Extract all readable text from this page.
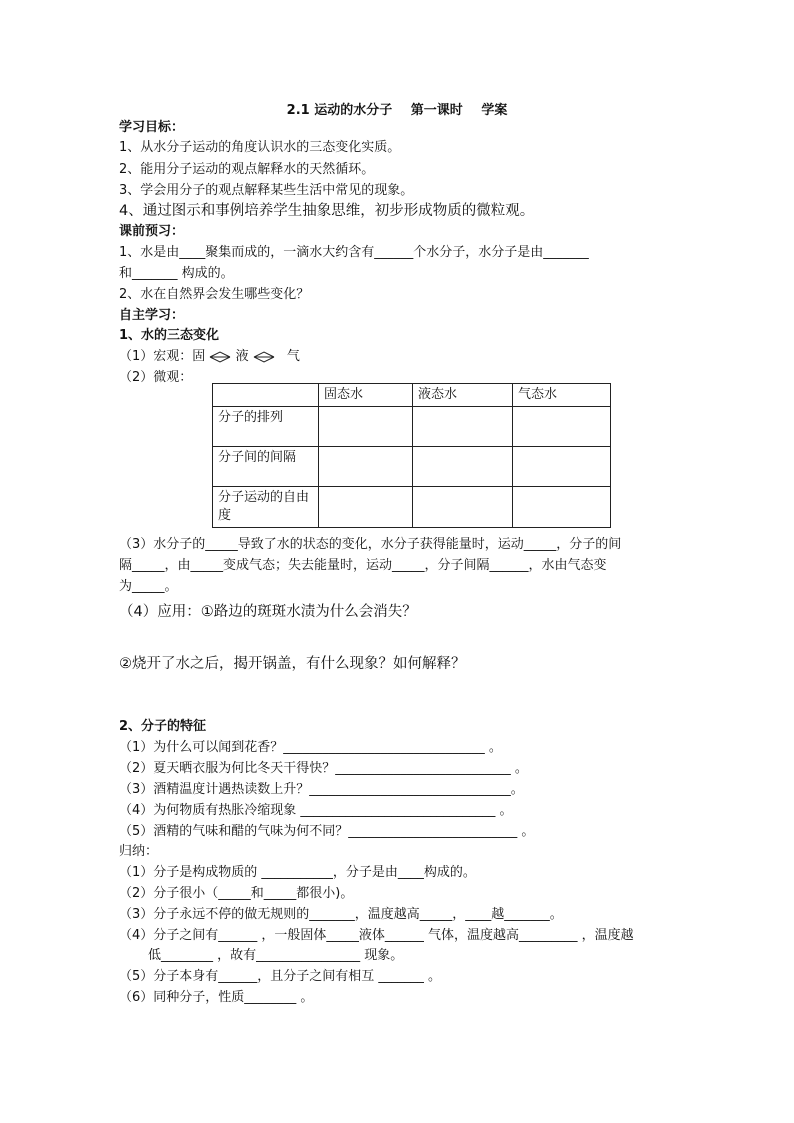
2.1 运动的水分子 第一课时 学案
学习目标：
1、从水分子运动的角度认识水的三态变化实质。
2、能用分子运动的观点解释水的天然循环。
3、学会用分子的观点解释某些生活中常见的现象。
4、通过图示和事例培养学生抽象思维，初步形成物质的微粒观。
课前预习：
1、水是由____聚集而成的，一滴水大约含有______个水分子，水分子是由_______
和_______ 构成的。
2、水在自然界会发生哪些变化？
自主学习：
1、水的三态变化
（1）宏观：固 液	气
（2）微观：
	固态水	液态水	气态水
分子的排列			
分子间的间隔			
分子运动的自由度			
（3）水分子的_____导致了水的状态的变化，水分子获得能量时，运动_____，分子的间
隔_____，由_____变成气态；失去能量时，运动_____，分子间隔______，水由气态变
为_____。
（4）应用：①路边的斑斑水渍为什么会消失？
②烧开了水之后，揭开锅盖，有什么现象？如何解释？
2、分子的特征
（1）为什么可以闻到花香？_______________________________ 。
（2）夏天晒衣服为何比冬天干得快？___________________________ 。
（3）酒精温度计遇热读数上升？_______________________________。
（4）为何物质有热胀冷缩现象 ______________________________ 。
（5）酒精的气味和醋的气味为何不同？__________________________ 。
归纳：
（1）分子是构成物质的 ___________，分子是由____构成的。
（2）分子很小（_____和_____都很小)。
（3）分子永远不停的做无规则的_______，温度越高_____，____越_______。
（4）分子之间有______ ，一般固体_____液体______ 气体，温度越高_________ ，温度越
低________ ，故有________________ 现象。
（5）分子本身有______，且分子之间有相互 _______ 。
（6）同种分子，性质________ 。
